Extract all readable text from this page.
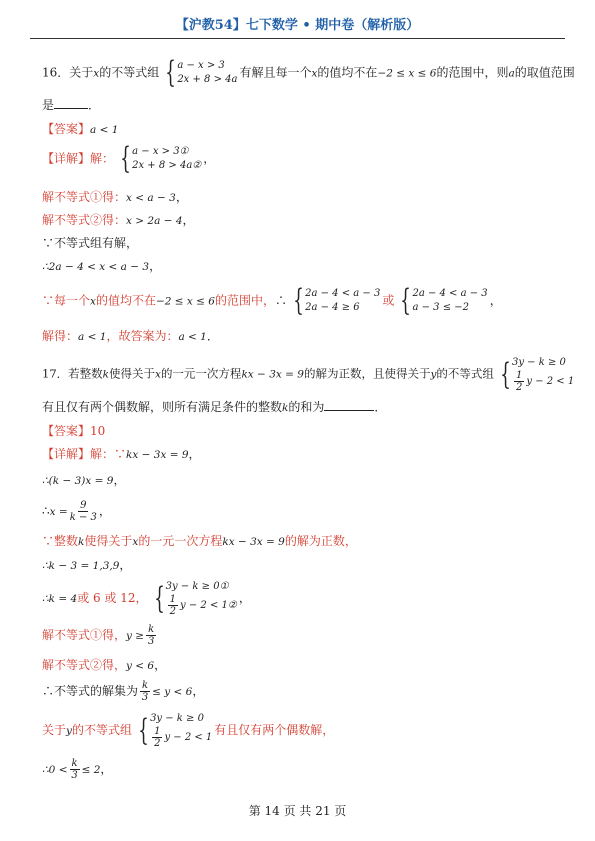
【沪教54】七下数学 • 期中卷（解析版）
16．关于x的不等式组 { a − x > 3
2x + 8 > 4a 有解且每一个x的值均不在−2 ≤ x ≤ 6的范围中，则a的取值范围
是	．
【答案】a < 1
【详解】解： { a − x > 3①
2x + 8 > 4a② ，
解不等式①得：x < a − 3，
解不等式②得：x > 2a − 4，
∵不等式组有解，
∴2a − 4 < x < a − 3，
∵每一个x的值均不在−2 ≤ x ≤ 6的范围中，∴ { 2a − 4 < a − 3
2a − 4 ≥ 6	或 { 2a − 4 < a − 3
a − 3 ≤ −2	，
解得：a < 1，故答案为：a < 1．
17．若整数k使得关于x的一元一次方程kx − 3x = 9的解为正数，且使得关于y的不等式组 { 3y − k ≥ 0
$\frac{1}{2}$ y − 2 < 1
有且仅有两个偶数解，则所有满足条件的整数k的和为	．
【答案】10
【详解】解：∵kx − 3x = 9，
∴(k − 3)x = 9，
∴x = $\frac{9}{k - 3}$ ，
∵整数k使得关于x的一元一次方程kx − 3x = 9的解为正数，
∴k − 3 = 1,3,9，
∴k = 4或 6 或 12， { 3y − k ≥ 0①
$\frac{1}{2}$ y − 2 < 1②
，
解不等式①得，$y \ge \frac{k}{3}$
解不等式②得，y < 6，
∴不等式的解集为 $\frac{k}{3} \le y < 6$，
关于y的不等式组 { 3y − k ≥ 0
$\frac{1}{2}$ y − 2 < 1
有且仅有两个偶数解，
∴0 < $\frac{k}{3} \le 2$，
第 14 页 共 21 页
